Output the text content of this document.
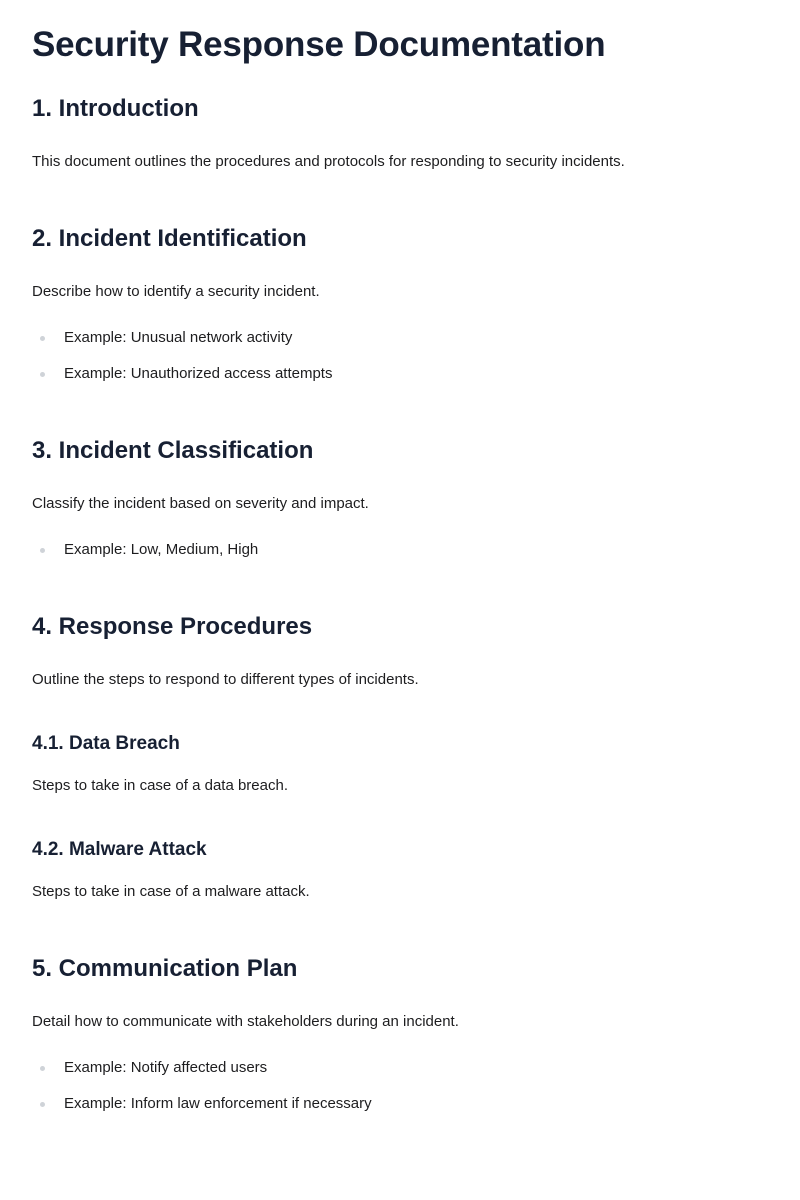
Security Response Documentation
1. Introduction

This document outlines the procedures and protocols for responding to security incidents.

2. Incident Identification

Describe how to identify a security incident.

Example: Unusual network activity
Example: Unauthorized access attempts
3. Incident Classification

Classify the incident based on severity and impact.

Example: Low, Medium, High
4. Response Procedures

Outline the steps to respond to different types of incidents.

4.1. Data Breach

Steps to take in case of a data breach.

4.2. Malware Attack

Steps to take in case of a malware attack.

5. Communication Plan

Detail how to communicate with stakeholders during an incident.

Example: Notify affected users
Example: Inform law enforcement if necessary
